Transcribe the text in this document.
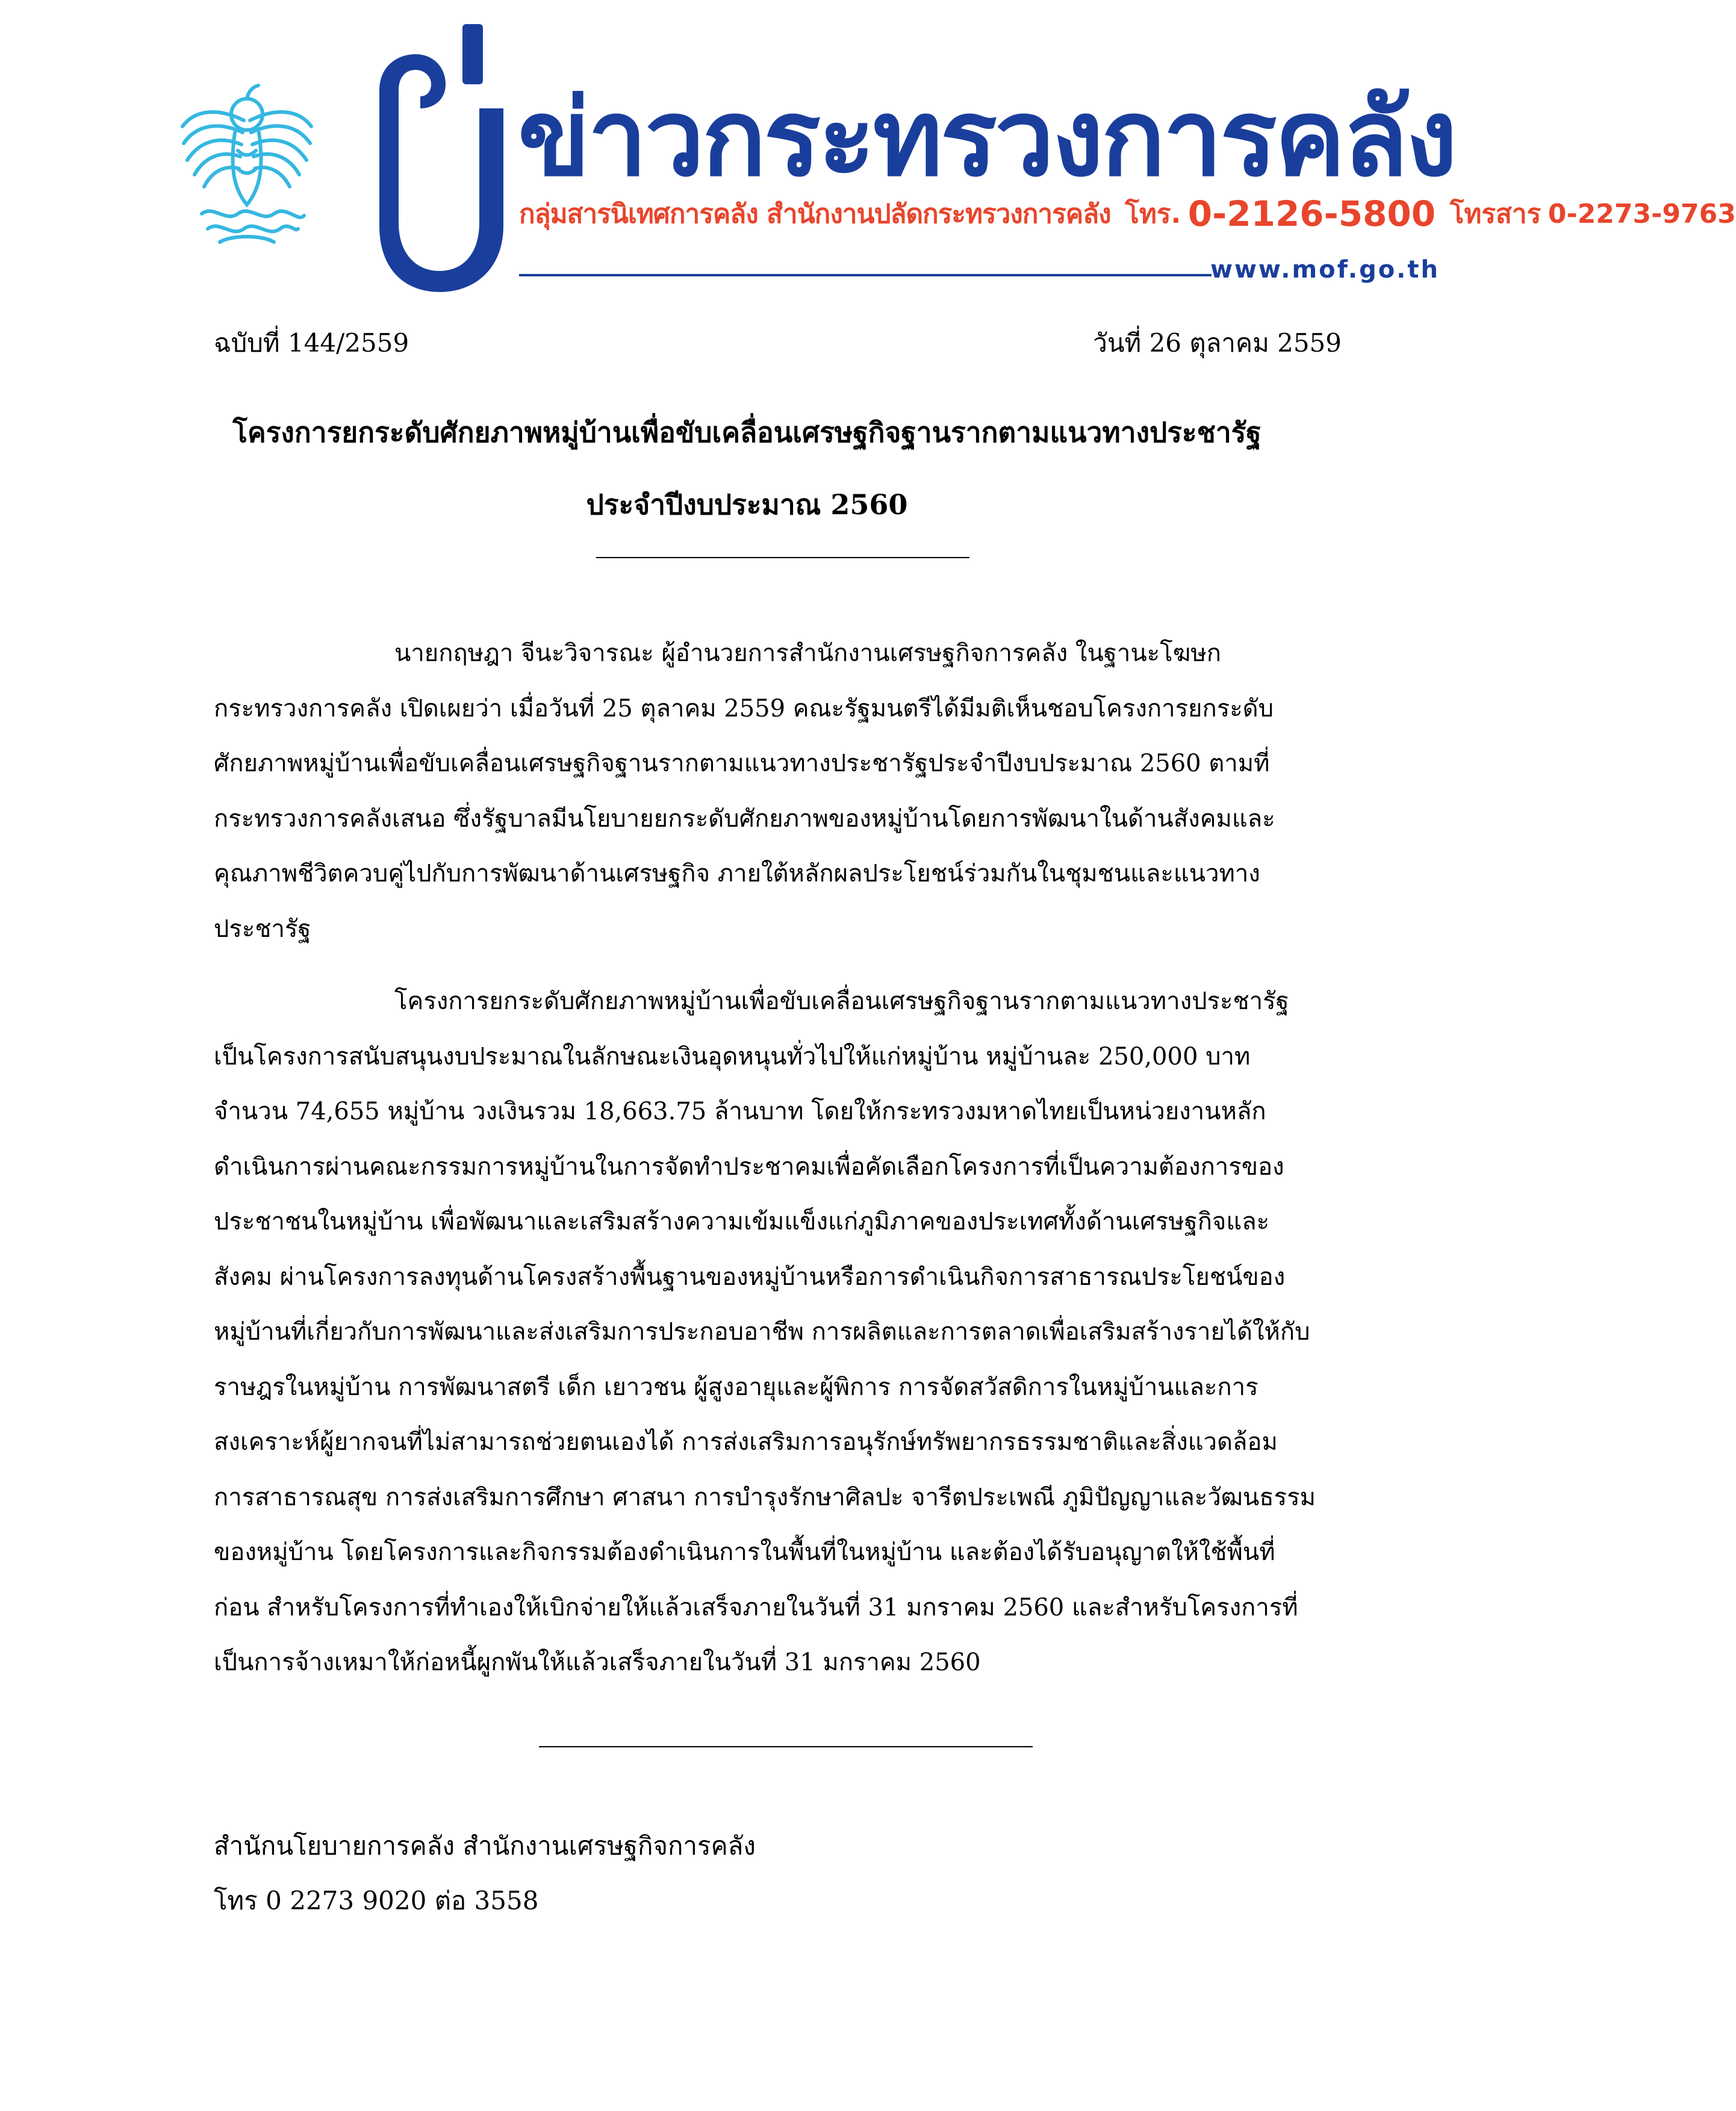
ข่าวกระทรวงการคลัง
กลุ่มสารนิเทศการคลัง สำนักงานปลัดกระทรวงการคลัง โทร. 0-2126-5800 โทรสาร 0-2273-9763
www.mof.go.th
ฉบับที่ 144/2559	วันที่ 26 ตุลาคม 2559
โครงการยกระดับศักยภาพหมู่บ้านเพื่อขับเคลื่อนเศรษฐกิจฐานรากตามแนวทางประชารัฐ
ประจำปีงบประมาณ 2560
นายกฤษฎา จีนะวิจารณะ ผู้อำนวยการสำนักงานเศรษฐกิจการคลัง ในฐานะโฆษก
กระทรวงการคลัง เปิดเผยว่า เมื่อวันที่ 25 ตุลาคม 2559 คณะรัฐมนตรีได้มีมติเห็นชอบโครงการยกระดับ
ศักยภาพหมู่บ้านเพื่อขับเคลื่อนเศรษฐกิจฐานรากตามแนวทางประชารัฐประจำปีงบประมาณ 2560 ตามที่
กระทรวงการคลังเสนอ ซึ่งรัฐบาลมีนโยบายยกระดับศักยภาพของหมู่บ้านโดยการพัฒนาในด้านสังคมและ
คุณภาพชีวิตควบคู่ไปกับการพัฒนาด้านเศรษฐกิจ ภายใต้หลักผลประโยชน์ร่วมกันในชุมชนและแนวทาง
ประชารัฐ
โครงการยกระดับศักยภาพหมู่บ้านเพื่อขับเคลื่อนเศรษฐกิจฐานรากตามแนวทางประชารัฐ
เป็นโครงการสนับสนุนงบประมาณในลักษณะเงินอุดหนุนทั่วไปให้แก่หมู่บ้าน หมู่บ้านละ 250,000 บาท
จำนวน 74,655 หมู่บ้าน วงเงินรวม 18,663.75 ล้านบาท โดยให้กระทรวงมหาดไทยเป็นหน่วยงานหลัก
ดำเนินการผ่านคณะกรรมการหมู่บ้านในการจัดทำประชาคมเพื่อคัดเลือกโครงการที่เป็นความต้องการของ
ประชาชนในหมู่บ้าน เพื่อพัฒนาและเสริมสร้างความเข้มแข็งแก่ภูมิภาคของประเทศทั้งด้านเศรษฐกิจและ
สังคม ผ่านโครงการลงทุนด้านโครงสร้างพื้นฐานของหมู่บ้านหรือการดำเนินกิจการสาธารณประโยชน์ของ
หมู่บ้านที่เกี่ยวกับการพัฒนาและส่งเสริมการประกอบอาชีพ การผลิตและการตลาดเพื่อเสริมสร้างรายได้ให้กับ
ราษฎรในหมู่บ้าน การพัฒนาสตรี เด็ก เยาวชน ผู้สูงอายุและผู้พิการ การจัดสวัสดิการในหมู่บ้านและการ
สงเคราะห์ผู้ยากจนที่ไม่สามารถช่วยตนเองได้ การส่งเสริมการอนุรักษ์ทรัพยากรธรรมชาติและสิ่งแวดล้อม
การสาธารณสุข การส่งเสริมการศึกษา ศาสนา การบำรุงรักษาศิลปะ จารีตประเพณี ภูมิปัญญาและวัฒนธรรม
ของหมู่บ้าน โดยโครงการและกิจกรรมต้องดำเนินการในพื้นที่ในหมู่บ้าน และต้องได้รับอนุญาตให้ใช้พื้นที่
ก่อน สำหรับโครงการที่ทำเองให้เบิกจ่ายให้แล้วเสร็จภายในวันที่ 31 มกราคม 2560 และสำหรับโครงการที่
เป็นการจ้างเหมาให้ก่อหนี้ผูกพันให้แล้วเสร็จภายในวันที่ 31 มกราคม 2560
สำนักนโยบายการคลัง สำนักงานเศรษฐกิจการคลัง
โทร 0 2273 9020 ต่อ 3558
